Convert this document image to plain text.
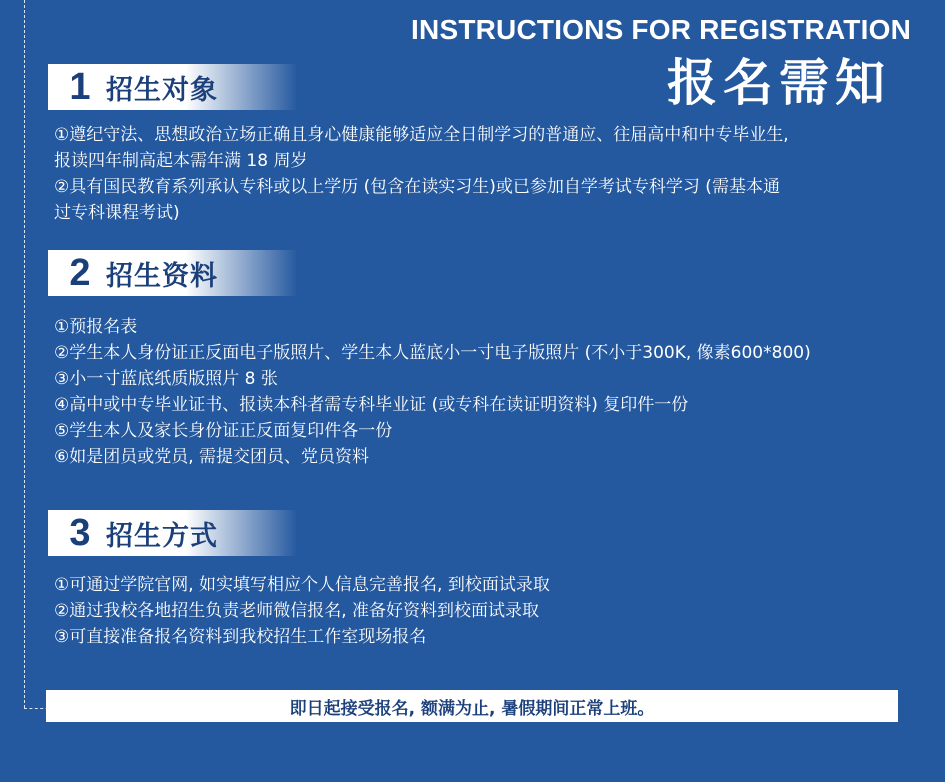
INSTRUCTIONS FOR REGISTRATION
报名需知
1 招生对象

①遵纪守法、思想政治立场正确且身心健康能够适应全日制学习的普通应、往届高中和中专毕业生,

报读四年制高起本需年满 18 周岁

②具有国民教育系列承认专科或以上学历 (包含在读实习生)或已参加自学考试专科学习 (需基本通

过专科课程考试)

2 招生资料

①预报名表

②学生本人身份证正反面电子版照片、学生本人蓝底小一寸电子版照片 (不小于300K, 像素600*800)

③小一寸蓝底纸质版照片 8 张

④高中或中专毕业证书、报读本科者需专科毕业证 (或专科在读证明资料) 复印件一份

⑤学生本人及家长身份证正反面复印件各一份

⑥如是团员或党员, 需提交团员、党员资料

3 招生方式

①可通过学院官网, 如实填写相应个人信息完善报名, 到校面试录取

②通过我校各地招生负责老师微信报名, 准备好资料到校面试录取

③可直接准备报名资料到我校招生工作室现场报名

即日起接受报名, 额满为止, 暑假期间正常上班。
